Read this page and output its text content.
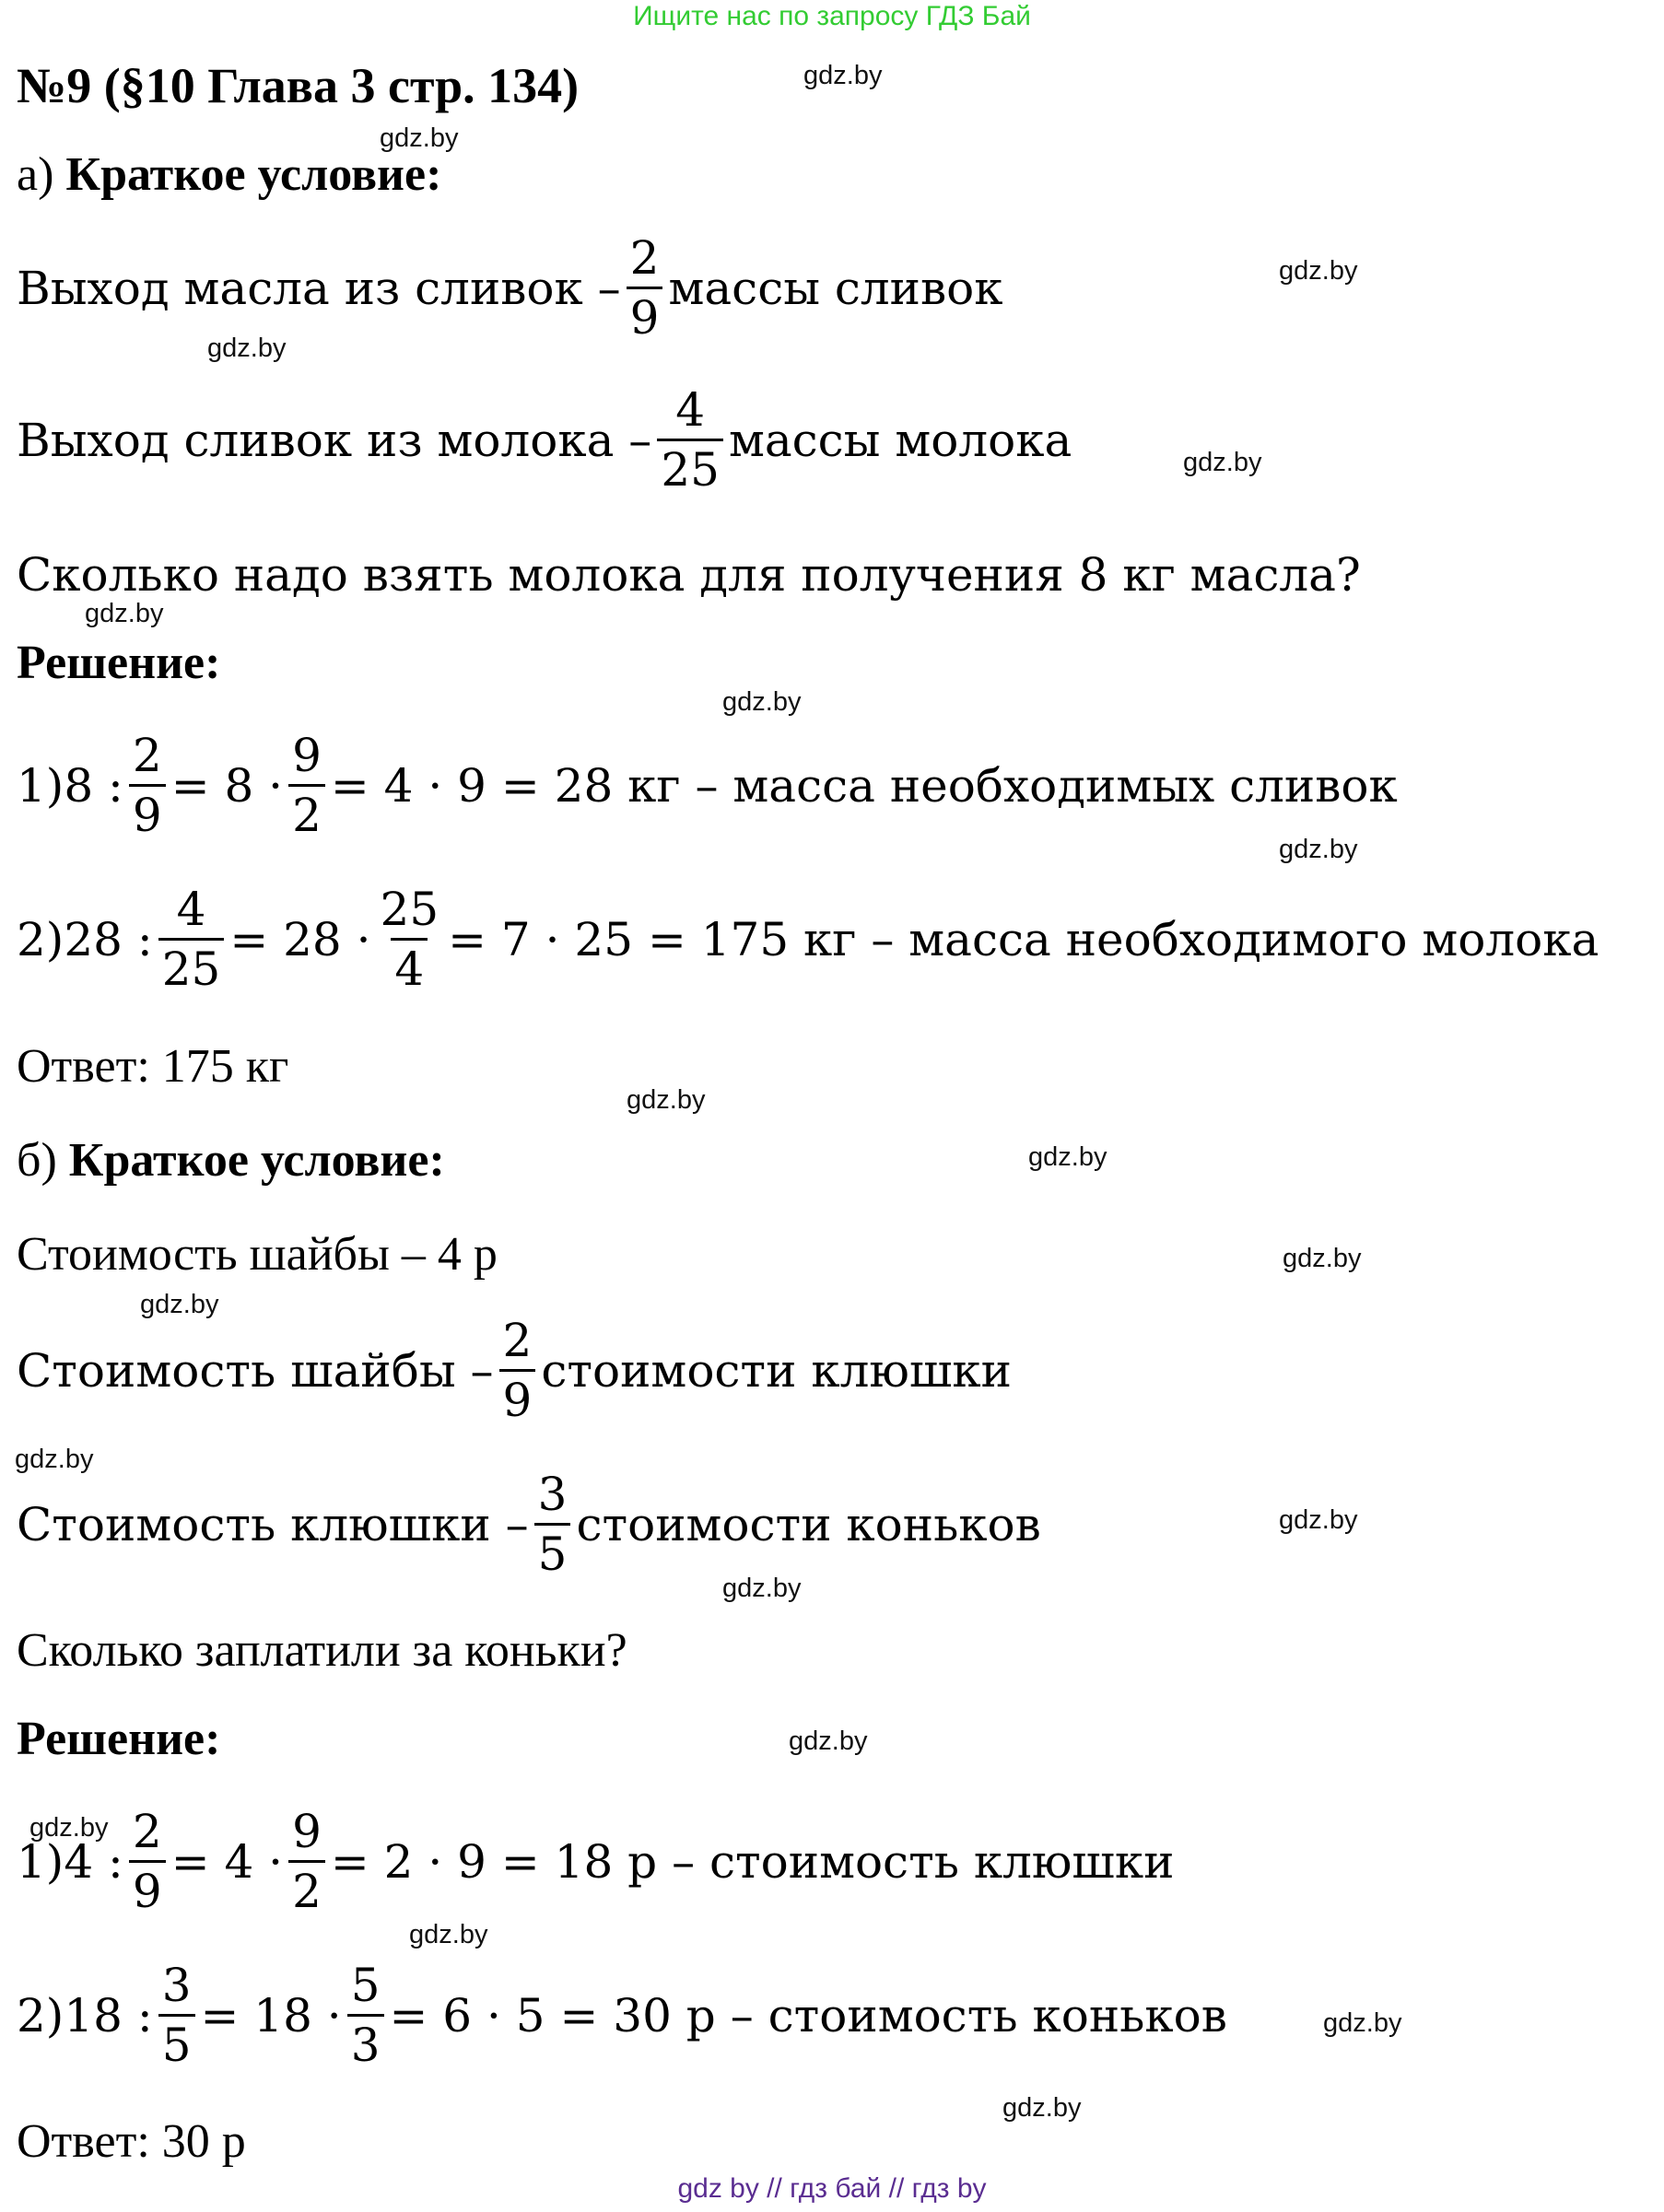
Ищите нас по запросу ГДЗ Бай
№9 (§10 Глава 3 стр. 134)
а) Краткое условие:
Выход масла из сливок – $\frac{2}{9}$ массы сливок
Выход сливок из молока – $\frac{4}{25}$ массы молока
Сколько надо взять молока для получения 8 кг масла?
Решение:
1)8 : $\frac{2}{9} = 8 \cdot \frac{9}{2} = 4 \cdot 9 = 28$ кг – масса необходимых сливок
2)28 : $\frac{4}{25} = 28 \cdot \frac{25}{4} = 7 \cdot 25 = 175$ кг – масса необходимого молока
Ответ: 175 кг
б) Краткое условие:
Стоимость шайбы – 4 р
Стоимость шайбы – $\frac{2}{9}$ стоимости клюшки
Стоимость клюшки – $\frac{3}{5}$ стоимости коньков
Сколько заплатили за коньки?
Решение:
1)4 : $\frac{2}{9} = 4 \cdot \frac{9}{2} = 2 \cdot 9 = 18$ р – стоимость клюшки
2)18 : $\frac{3}{5} = 18 \cdot \frac{5}{3} = 6 \cdot 5 = 30$ р – стоимость коньков
Ответ: 30 р
gdz.by
gdz.by
gdz.by
gdz.by
gdz.by
gdz.by
gdz.by
gdz.by
gdz.by
gdz.by
gdz.by
gdz.by
gdz.by
gdz.by
gdz.by
gdz.by
gdz.by
gdz.by
gdz.by
gdz.by
gdz by // гдз бай // гдз by
